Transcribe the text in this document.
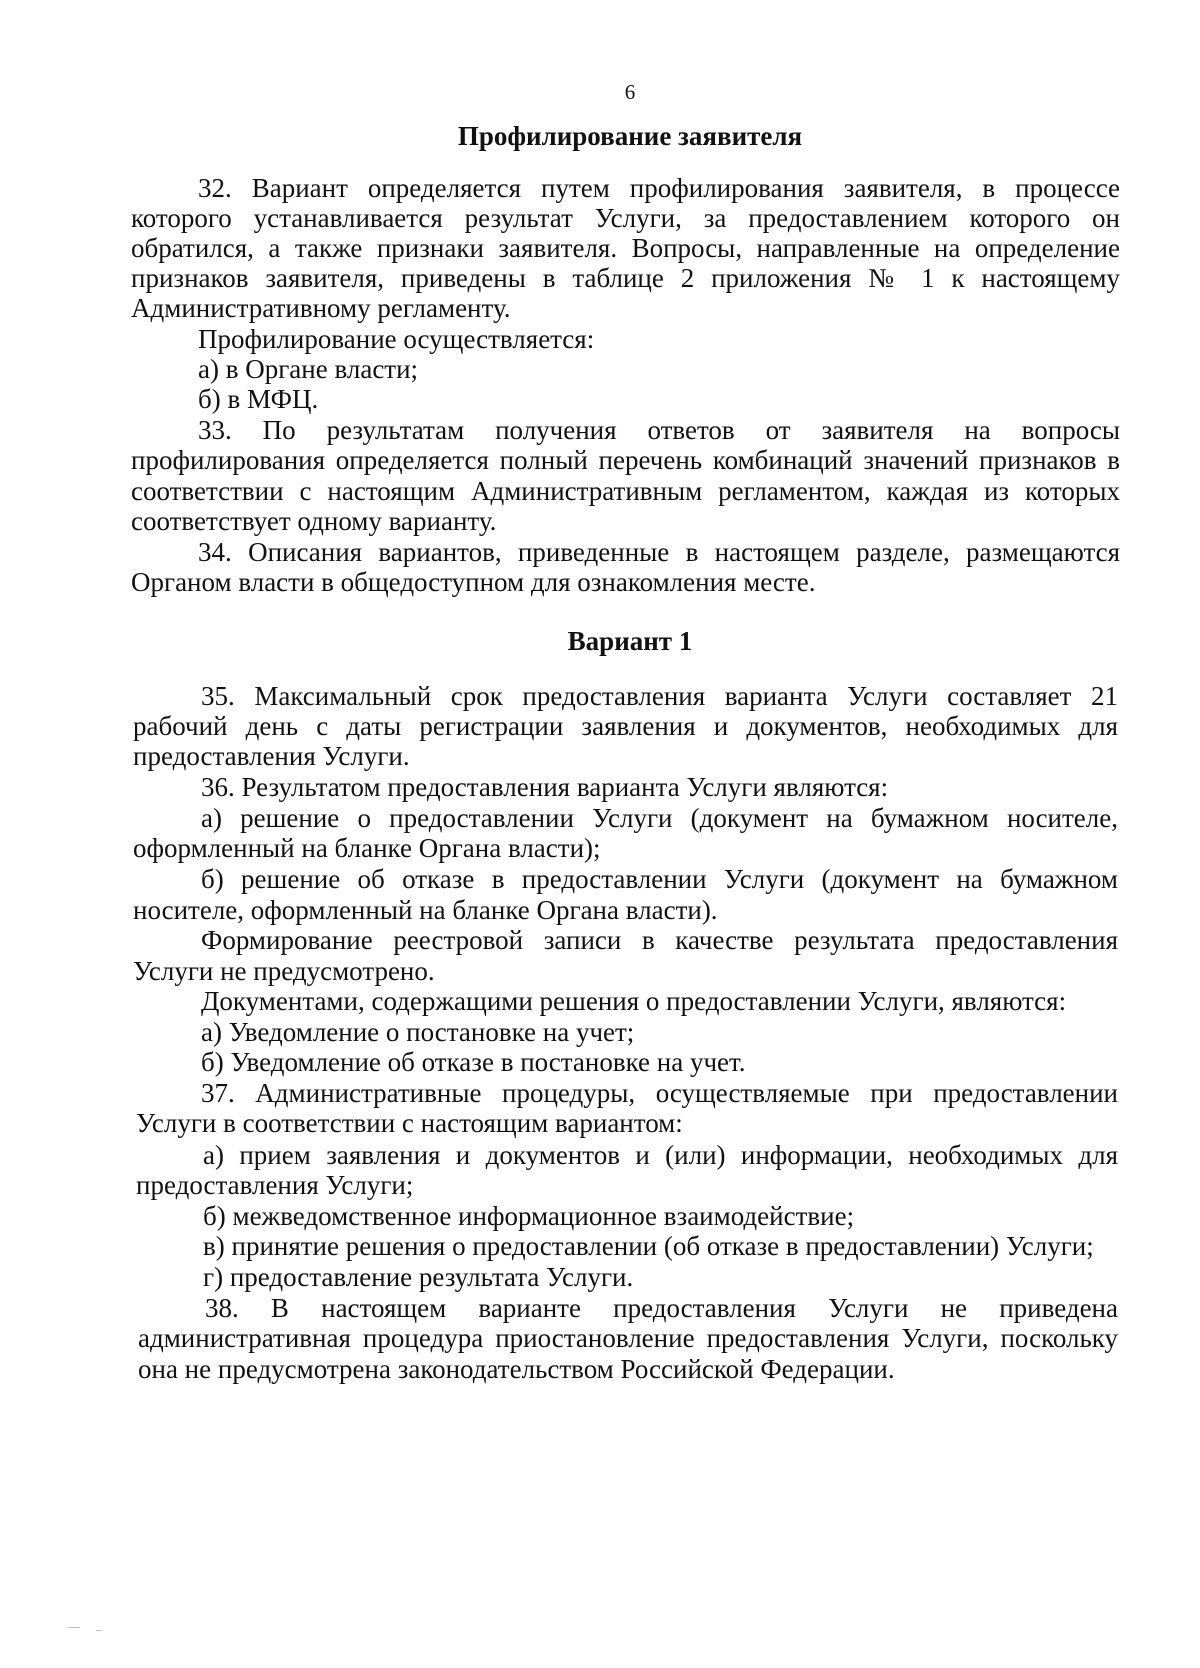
6
Профилирование заявителя
32. Вариант определяется путем профилирования заявителя, в процессе
которого устанавливается результат Услуги, за предоставлением которого он
обратился, а также признаки заявителя. Вопросы, направленные на определение
признаков заявителя, приведены в таблице 2 приложения № 1 к настоящему
Административному регламенту.
Профилирование осуществляется:
а) в Органе власти;
б) в МФЦ.
33. По результатам получения ответов от заявителя на вопросы
профилирования определяется полный перечень комбинаций значений признаков в
соответствии с настоящим Административным регламентом, каждая из которых
соответствует одному варианту.
34. Описания вариантов, приведенные в настоящем разделе, размещаются
Органом власти в общедоступном для ознакомления месте.
Вариант 1
35. Максимальный срок предоставления варианта Услуги составляет 21
рабочий день с даты регистрации заявления и документов, необходимых для
предоставления Услуги.
36. Результатом предоставления варианта Услуги являются:
а) решение о предоставлении Услуги (документ на бумажном носителе,
оформленный на бланке Органа власти);
б) решение об отказе в предоставлении Услуги (документ на бумажном
носителе, оформленный на бланке Органа власти).
Формирование реестровой записи в качестве результата предоставления
Услуги не предусмотрено.
Документами, содержащими решения о предоставлении Услуги, являются:
а) Уведомление о постановке на учет;
б) Уведомление об отказе в постановке на учет.
37. Административные процедуры, осуществляемые при предоставлении
Услуги в соответствии с настоящим вариантом:
а) прием заявления и документов и (или) информации, необходимых для
предоставления Услуги;
б) межведомственное информационное взаимодействие;
в) принятие решения о предоставлении (об отказе в предоставлении) Услуги;
г) предоставление результата Услуги.
38. В настоящем варианте предоставления Услуги не приведена
административная процедура приостановление предоставления Услуги, поскольку
она не предусмотрена законодательством Российской Федерации.
